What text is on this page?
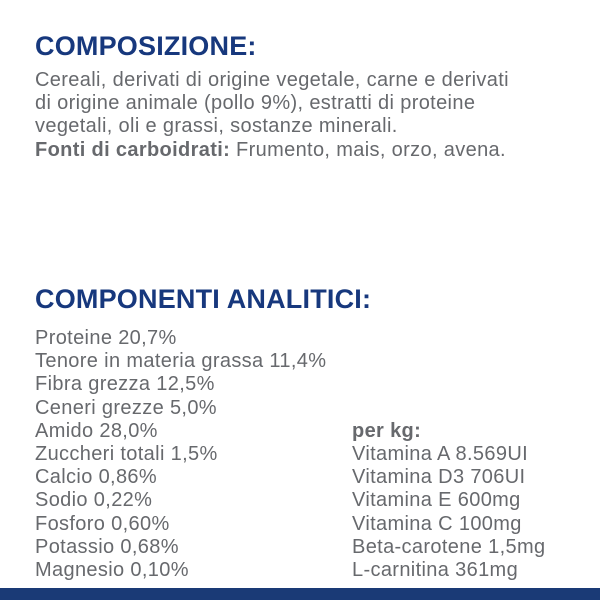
COMPOSIZIONE:
Cereali, derivati di origine vegetale, carne e derivati
di origine animale (pollo 9%), estratti di proteine
vegetali, oli e grassi, sostanze minerali.
Fonti di carboidrati: Frumento, mais, orzo, avena.
COMPONENTI ANALITICI:
Proteine 20,7%
Tenore in materia grassa 11,4%
Fibra grezza 12,5%
Ceneri grezze 5,0%
Amido 28,0%
Zuccheri totali 1,5%
Calcio 0,86%
Sodio 0,22%
Fosforo 0,60%
Potassio 0,68%
Magnesio 0,10%
per kg:
Vitamina A 8.569UI
Vitamina D3 706UI
Vitamina E 600mg
Vitamina C 100mg
Beta-carotene 1,5mg
L-carnitina 361mg
